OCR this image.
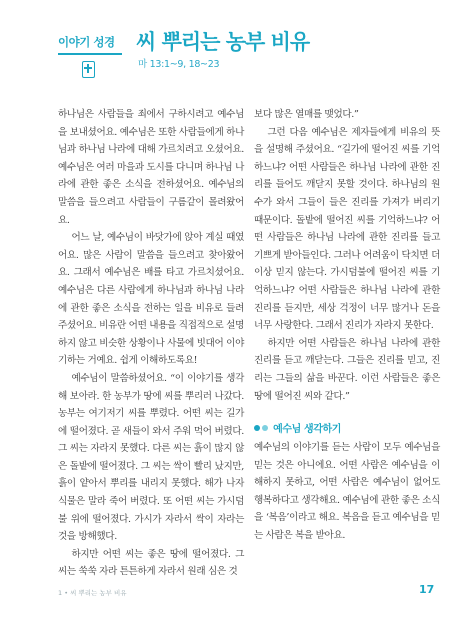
이야기 성경	씨 뿌리는 농부 비유
마 13:1~9, 18~23

하나님은 사람들을 죄에서 구하시려고 예수님을 보내셨어요. 예수님은 또한 사람들에게 하나님과 하나님 나라에 대해 가르치려고 오셨어요. 예수님은 여러 마을과 도시를 다니며 하나님 나라에 관한 좋은 소식을 전하셨어요. 예수님의 말씀을 들으려고 사람들이 구름같이 몰려왔어요.

어느 날, 예수님이 바닷가에 앉아 계실 때였어요. 많은 사람이 말씀을 들으려고 찾아왔어요. 그래서 예수님은 배를 타고 가르치셨어요. 예수님은 다른 사람에게 하나님과 하나님 나라에 관한 좋은 소식을 전하는 일을 비유로 들려주셨어요. 비유란 어떤 내용을 직접적으로 설명하지 않고 비슷한 상황이나 사물에 빗대어 이야기하는 거예요. 쉽게 이해하도록요!

예수님이 말씀하셨어요. “이 이야기를 생각해 보아라. 한 농부가 땅에 씨를 뿌리러 나갔다. 농부는 여기저기 씨를 뿌렸다. 어떤 씨는 길가에 떨어졌다. 곧 새들이 와서 주워 먹어 버렸다. 그 씨는 자라지 못했다. 다른 씨는 흙이 많지 않은 돌밭에 떨어졌다. 그 씨는 싹이 빨리 났지만, 흙이 얕아서 뿌리를 내리지 못했다. 해가 나자 식물은 말라 죽어 버렸다. 또 어떤 씨는 가시덤불 위에 떨어졌다. 가시가 자라서 싹이 자라는 것을 방해했다.

하지만 어떤 씨는 좋은 땅에 떨어졌다. 그 씨는 쑥쑥 자라 튼튼하게 자라서 원래 심은 것

보다 많은 열매를 맺었다.”

그런 다음 예수님은 제자들에게 비유의 뜻을 설명해 주셨어요. “길가에 떨어진 씨를 기억하느냐? 어떤 사람들은 하나님 나라에 관한 진리를 들어도 깨닫지 못할 것이다. 하나님의 원수가 와서 그들이 들은 진리를 가져가 버리기 때문이다. 돌밭에 떨어진 씨를 기억하느냐? 어떤 사람들은 하나님 나라에 관한 진리를 들고 기쁘게 받아들인다. 그러나 어려움이 닥치면 더 이상 믿지 않는다. 가시덤불에 떨어진 씨를 기억하느냐? 어떤 사람들은 하나님 나라에 관한 진리를 듣지만, 세상 걱정이 너무 많거나 돈을 너무 사랑한다. 그래서 진리가 자라지 못한다.

하지만 어떤 사람들은 하나님 나라에 관한 진리를 듣고 깨닫는다. 그들은 진리를 믿고, 진리는 그들의 삶을 바꾼다. 이런 사람들은 좋은 땅에 떨어진 씨와 같다.”

예수님 생각하기

예수님의 이야기를 듣는 사람이 모두 예수님을 믿는 것은 아니에요. 어떤 사람은 예수님을 이해하지 못하고, 어떤 사람은 예수님이 없어도 행복하다고 생각해요. 예수님에 관한 좋은 소식을 ‘복음’이라고 해요. 복음을 듣고 예수님을 믿는 사람은 복을 받아요.

1 • 씨 뿌리는 농부 비유	17
